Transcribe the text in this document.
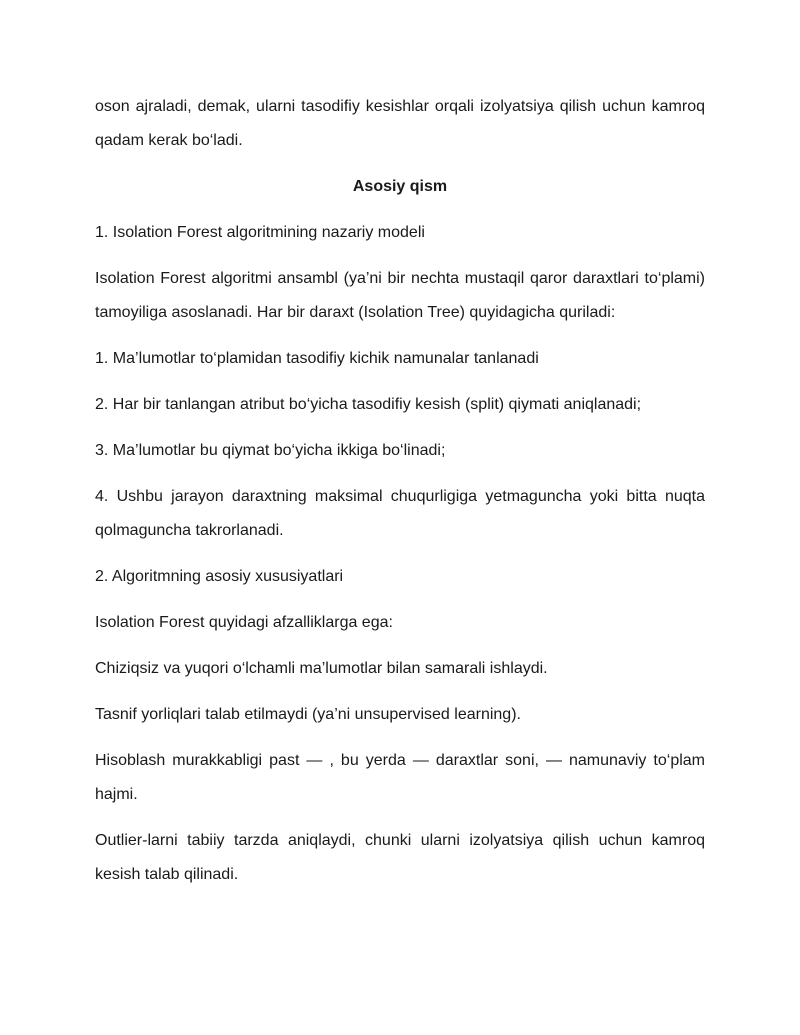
oson ajraladi, demak, ularni tasodifiy kesishlar orqali izolyatsiya qilish uchun kamroq qadam kerak bo‘ladi.

Asosiy qism

1. Isolation Forest algoritmining nazariy modeli

Isolation Forest algoritmi ansambl (ya’ni bir nechta mustaqil qaror daraxtlari to‘plami) tamoyiliga asoslanadi. Har bir daraxt (Isolation Tree) quyidagicha quriladi:

1. Ma’lumotlar to‘plamidan tasodifiy kichik namunalar tanlanadi

2. Har bir tanlangan atribut bo‘yicha tasodifiy kesish (split) qiymati aniqlanadi;

3. Ma’lumotlar bu qiymat bo‘yicha ikkiga bo‘linadi;

4. Ushbu jarayon daraxtning maksimal chuqurligiga yetmaguncha yoki bitta nuqta qolmaguncha takrorlanadi.

2. Algoritmning asosiy xususiyatlari

Isolation Forest quyidagi afzalliklarga ega:

Chiziqsiz va yuqori o‘lchamli ma’lumotlar bilan samarali ishlaydi.

Tasnif yorliqlari talab etilmaydi (ya’ni unsupervised learning).

Hisoblash murakkabligi past — , bu yerda — daraxtlar soni, — namunaviy to‘plam hajmi.

Outlier-larni tabiiy tarzda aniqlaydi, chunki ularni izolyatsiya qilish uchun kamroq kesish talab qilinadi.
